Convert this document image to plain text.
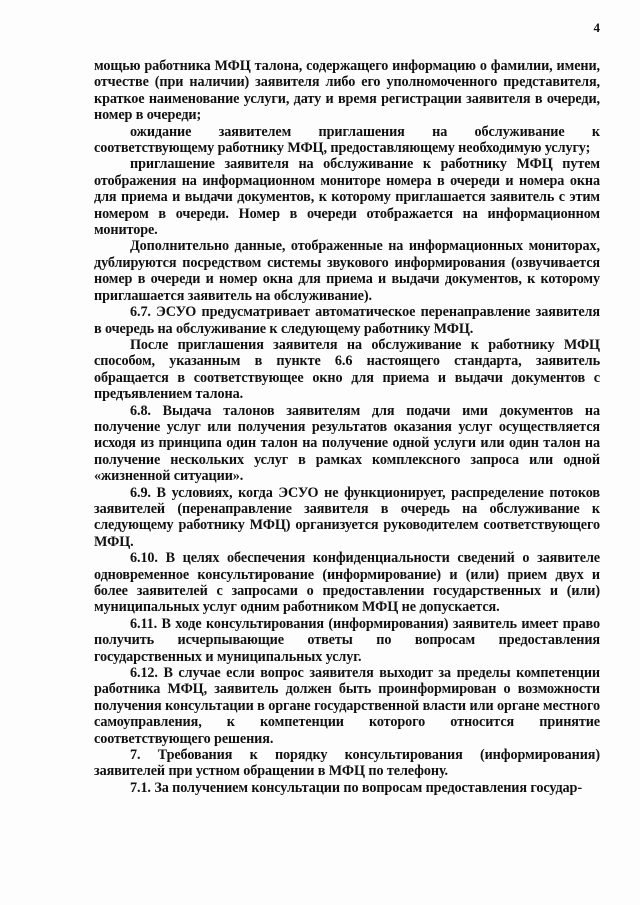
4

мощью работника МФЦ талона, содержащего информацию о фамилии, имени, отчестве (при наличии) заявителя либо его уполномоченного представителя, краткое наименование услуги, дату и время регистрации заявителя в очереди, номер в очереди;

ожидание заявителем приглашения на обслуживание к соответствующему работнику МФЦ, предоставляющему необходимую услугу;

приглашение заявителя на обслуживание к работнику МФЦ путем отображения на информационном мониторе номера в очереди и номера окна для приема и выдачи документов, к которому приглашается заявитель с этим номером в очереди. Номер в очереди отображается на информационном мониторе.

Дополнительно данные, отображенные на информационных мониторах, дублируются посредством системы звукового информирования (озвучивается номер в очереди и номер окна для приема и выдачи документов, к которому приглашается заявитель на обслуживание).

6.7. ЭСУО предусматривает автоматическое перенаправление заявителя в очередь на обслуживание к следующему работнику МФЦ.

После приглашения заявителя на обслуживание к работнику МФЦ способом, указанным в пункте 6.6 настоящего стандарта, заявитель обращается в соответствующее окно для приема и выдачи документов с предъявлением талона.

6.8. Выдача талонов заявителям для подачи ими документов на получение услуг или получения результатов оказания услуг осуществляется исходя из принципа один талон на получение одной услуги или один талон на получение нескольких услуг в рамках комплексного запроса или одной «жизненной ситуации».

6.9. В условиях, когда ЭСУО не функционирует, распределение потоков заявителей (перенаправление заявителя в очередь на обслуживание к следующему работнику МФЦ) организуется руководителем соответствующего МФЦ.

6.10. В целях обеспечения конфиденциальности сведений о заявителе одновременное консультирование (информирование) и (или) прием двух и более заявителей с запросами о предоставлении государственных и (или) муниципальных услуг одним работником МФЦ не допускается.

6.11. В ходе консультирования (информирования) заявитель имеет право получить исчерпывающие ответы по вопросам предоставления государственных и муниципальных услуг.

6.12. В случае если вопрос заявителя выходит за пределы компетенции работника МФЦ, заявитель должен быть проинформирован о возможности получения консультации в органе государственной власти или органе местного самоуправления, к компетенции которого относится принятие соответствующего решения.

7. Требования к порядку консультирования (информирования) заявителей при устном обращении в МФЦ по телефону.

7.1. За получением консультации по вопросам предоставления государ-
